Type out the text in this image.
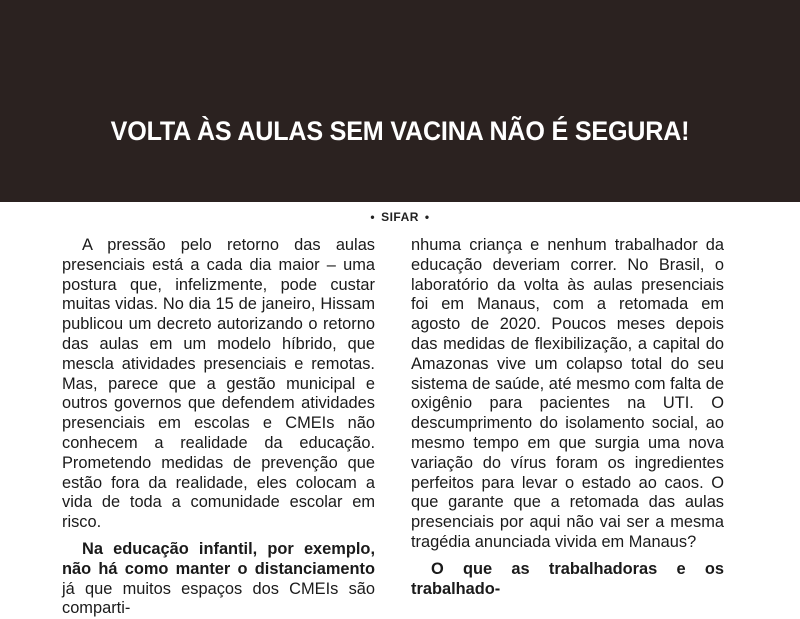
VOLTA ÀS AULAS SEM VACINA NÃO É SEGURA!
• SIFAR •

A pressão pelo retorno das aulas presenciais está a cada dia maior – uma postura que, infelizmente, pode custar muitas vidas. No dia 15 de janeiro, Hissam publicou um decreto autorizando o retorno das aulas em um modelo híbrido, que mescla atividades presenciais e remotas. Mas, parece que a gestão municipal e outros governos que defendem atividades presenciais em escolas e CMEIs não conhecem a realidade da educação. Prometendo medidas de prevenção que estão fora da realidade, eles colocam a vida de toda a comunidade escolar em risco.

Na educação infantil, por exemplo, não há como manter o distanciamento já que muitos espaços dos CMEIs são comparti-

nhuma criança e nenhum trabalhador da educação deveriam correr. No Brasil, o laboratório da volta às aulas presenciais foi em Manaus, com a retomada em agosto de 2020. Poucos meses depois das medidas de flexibilização, a capital do Amazonas vive um colapso total do seu sistema de saúde, até mesmo com falta de oxigênio para pacientes na UTI. O descumprimento do isolamento social, ao mesmo tempo em que surgia uma nova variação do vírus foram os ingredientes perfeitos para levar o estado ao caos. O que garante que a retomada das aulas presenciais por aqui não vai ser a mesma tragédia anunciada vivida em Manaus?

O que as trabalhadoras e os trabalhado-
